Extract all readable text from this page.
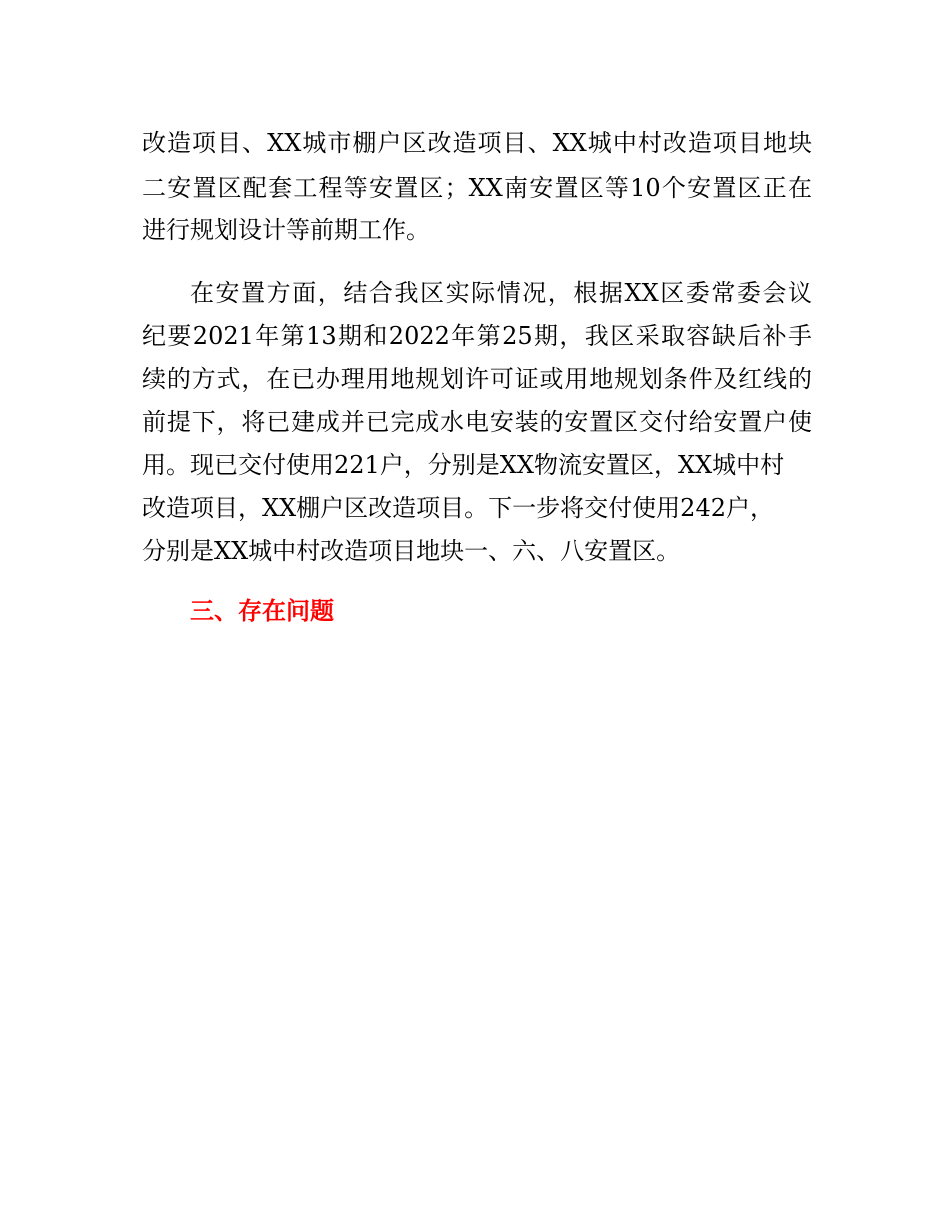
改造项目、XX城市棚户区改造项目、XX城中村改造项目地块
二安置区配套工程等安置区；XX南安置区等10个安置区正在
进行规划设计等前期工作。
在安置方面，结合我区实际情况，根据XX区委常委会议
纪要2021年第13期和2022年第25期，我区采取容缺后补手
续的方式，在已办理用地规划许可证或用地规划条件及红线的
前提下，将已建成并已完成水电安装的安置区交付给安置户使
用。现已交付使用221户，分别是XX物流安置区，XX城中村
改造项目，XX棚户区改造项目。下一步将交付使用242户，
分别是XX城中村改造项目地块一、六、八安置区。
三、存在问题
